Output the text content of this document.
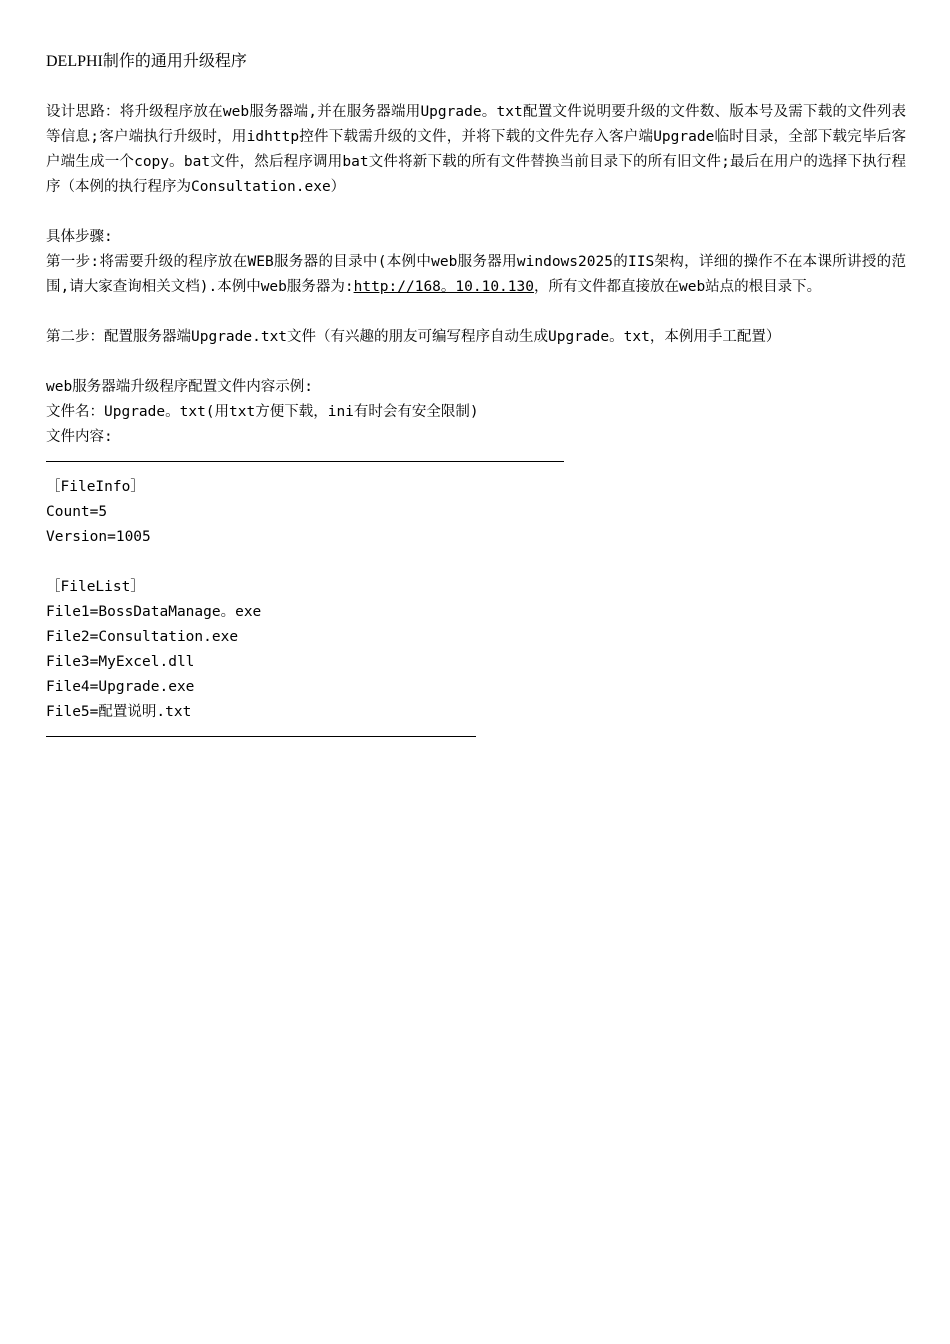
DELPHI制作的通用升级程序

设计思路：将升级程序放在web服务器端,并在服务器端用Upgrade。txt配置文件说明要升级的文件数、版本号及需下载的文件列表等信息;客户端执行升级时，用idhttp控件下载需升级的文件，并将下载的文件先存入客户端Upgrade临时目录，全部下载完毕后客户端生成一个copy。bat文件，然后程序调用bat文件将新下载的所有文件替换当前目录下的所有旧文件;最后在用户的选择下执行程序（本例的执行程序为Consultation.exe）

具体步骤:
第一步:将需要升级的程序放在WEB服务器的目录中(本例中web服务器用windows2025的IIS架构，详细的操作不在本课所讲授的范围,请大家查询相关文档).本例中web服务器为:http://168。10.10.130，所有文件都直接放在web站点的根目录下。

第二步：配置服务器端Upgrade.txt文件（有兴趣的朋友可编写程序自动生成Upgrade。txt，本例用手工配置）

web服务器端升级程序配置文件内容示例:
文件名：Upgrade。txt(用txt方便下载，ini有时会有安全限制)
文件内容:
［FileInfo］
Count=5
Version=1005
［FileList］
File1=BossDataManage。exe
File2=Consultation.exe
File3=MyExcel.dll
File4=Upgrade.exe
File5=配置说明.txt
